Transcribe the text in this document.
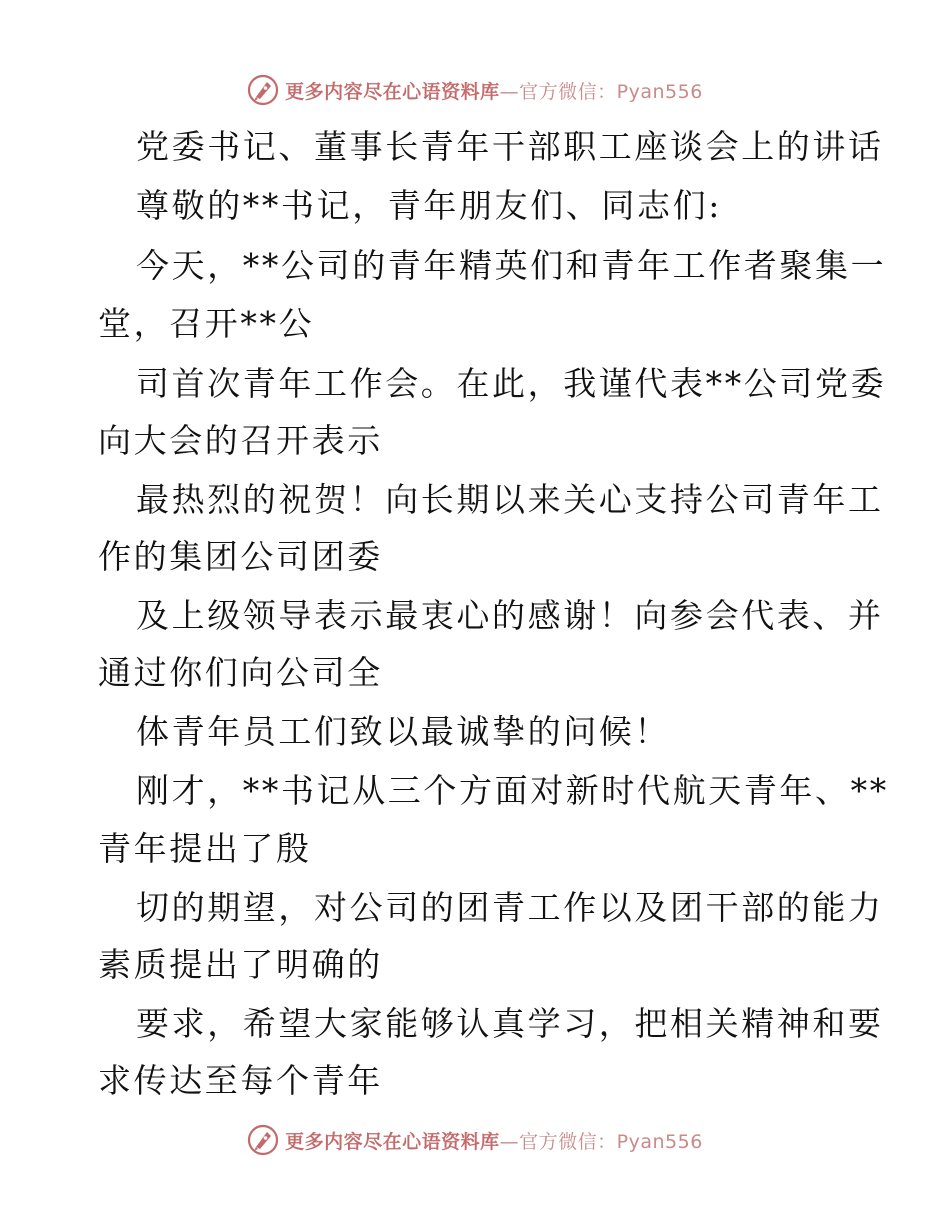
更多内容尽在心语资料库—官方微信：Pyan556
党委书记、董事长青年干部职工座谈会上的讲话
尊敬的**书记，青年朋友们、同志们:
今天，**公司的青年精英们和青年工作者聚集一
堂，召开**公
司首次青年工作会。在此，我谨代表**公司党委
向大会的召开表示
最热烈的祝贺！向长期以来关心支持公司青年工
作的集团公司团委
及上级领导表示最衷心的感谢！向参会代表、并
通过你们向公司全
体青年员工们致以最诚挚的问候！
刚才，**书记从三个方面对新时代航天青年、**
青年提出了殷
切的期望，对公司的团青工作以及团干部的能力
素质提出了明确的
要求，希望大家能够认真学习，把相关精神和要
求传达至每个青年
更多内容尽在心语资料库—官方微信：Pyan556
